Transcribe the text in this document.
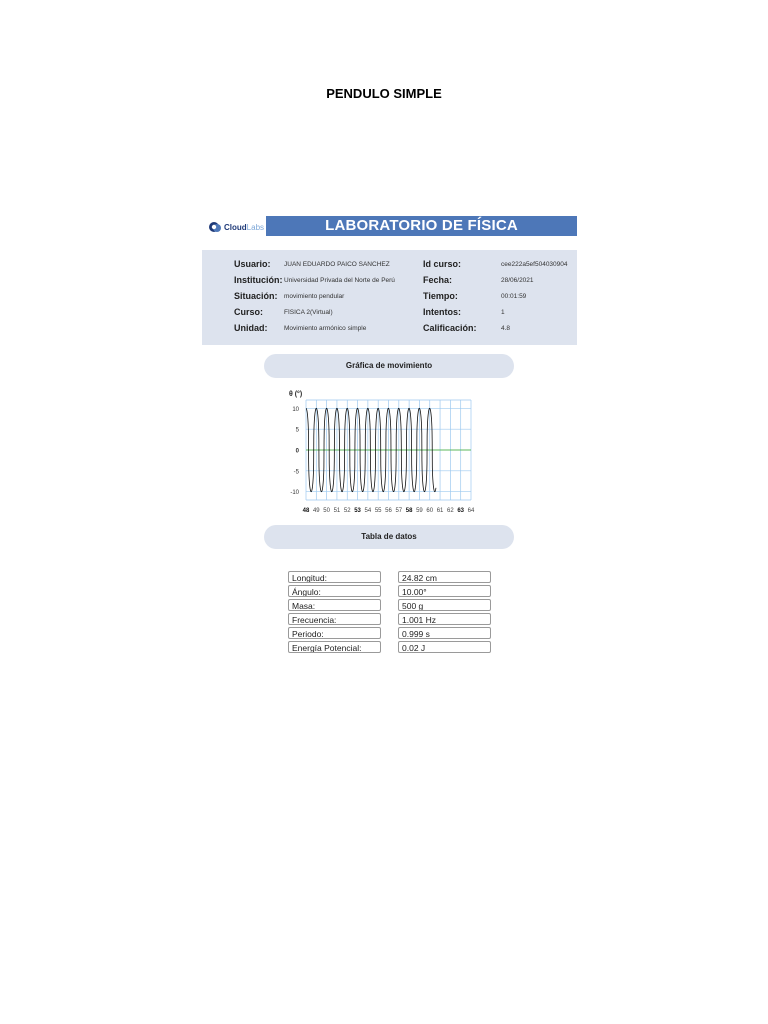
PENDULO SIMPLE
CloudLabs	LABORATORIO DE FÍSICA
Usuario: JUAN EDUARDO PAICO SANCHEZ	Id curso:	cee222a5ef504030904
Institución: Universidad Privada del Norte de Perú	Fecha:	28/06/2021
Situación: movimiento pendular	Tiempo:	00:01:59
Curso:	FÍSICA 2(Virtual)	Intentos:	1
Unidad:	Movimiento armónico simple	Calificación:	4.8
Gráfica de movimiento
θ (°)
10
5
0
-5
-10
48 49 50 51 52 53 54 55 56 57 58 59 60 61 62 63 64
Tabla de datos
Longitud:	24.82 cm
Ángulo:	10.00°
Masa:	500 g
Frecuencia:	1.001 Hz
Periodo:	0.999 s
Energía Potencial:	0.02 J
